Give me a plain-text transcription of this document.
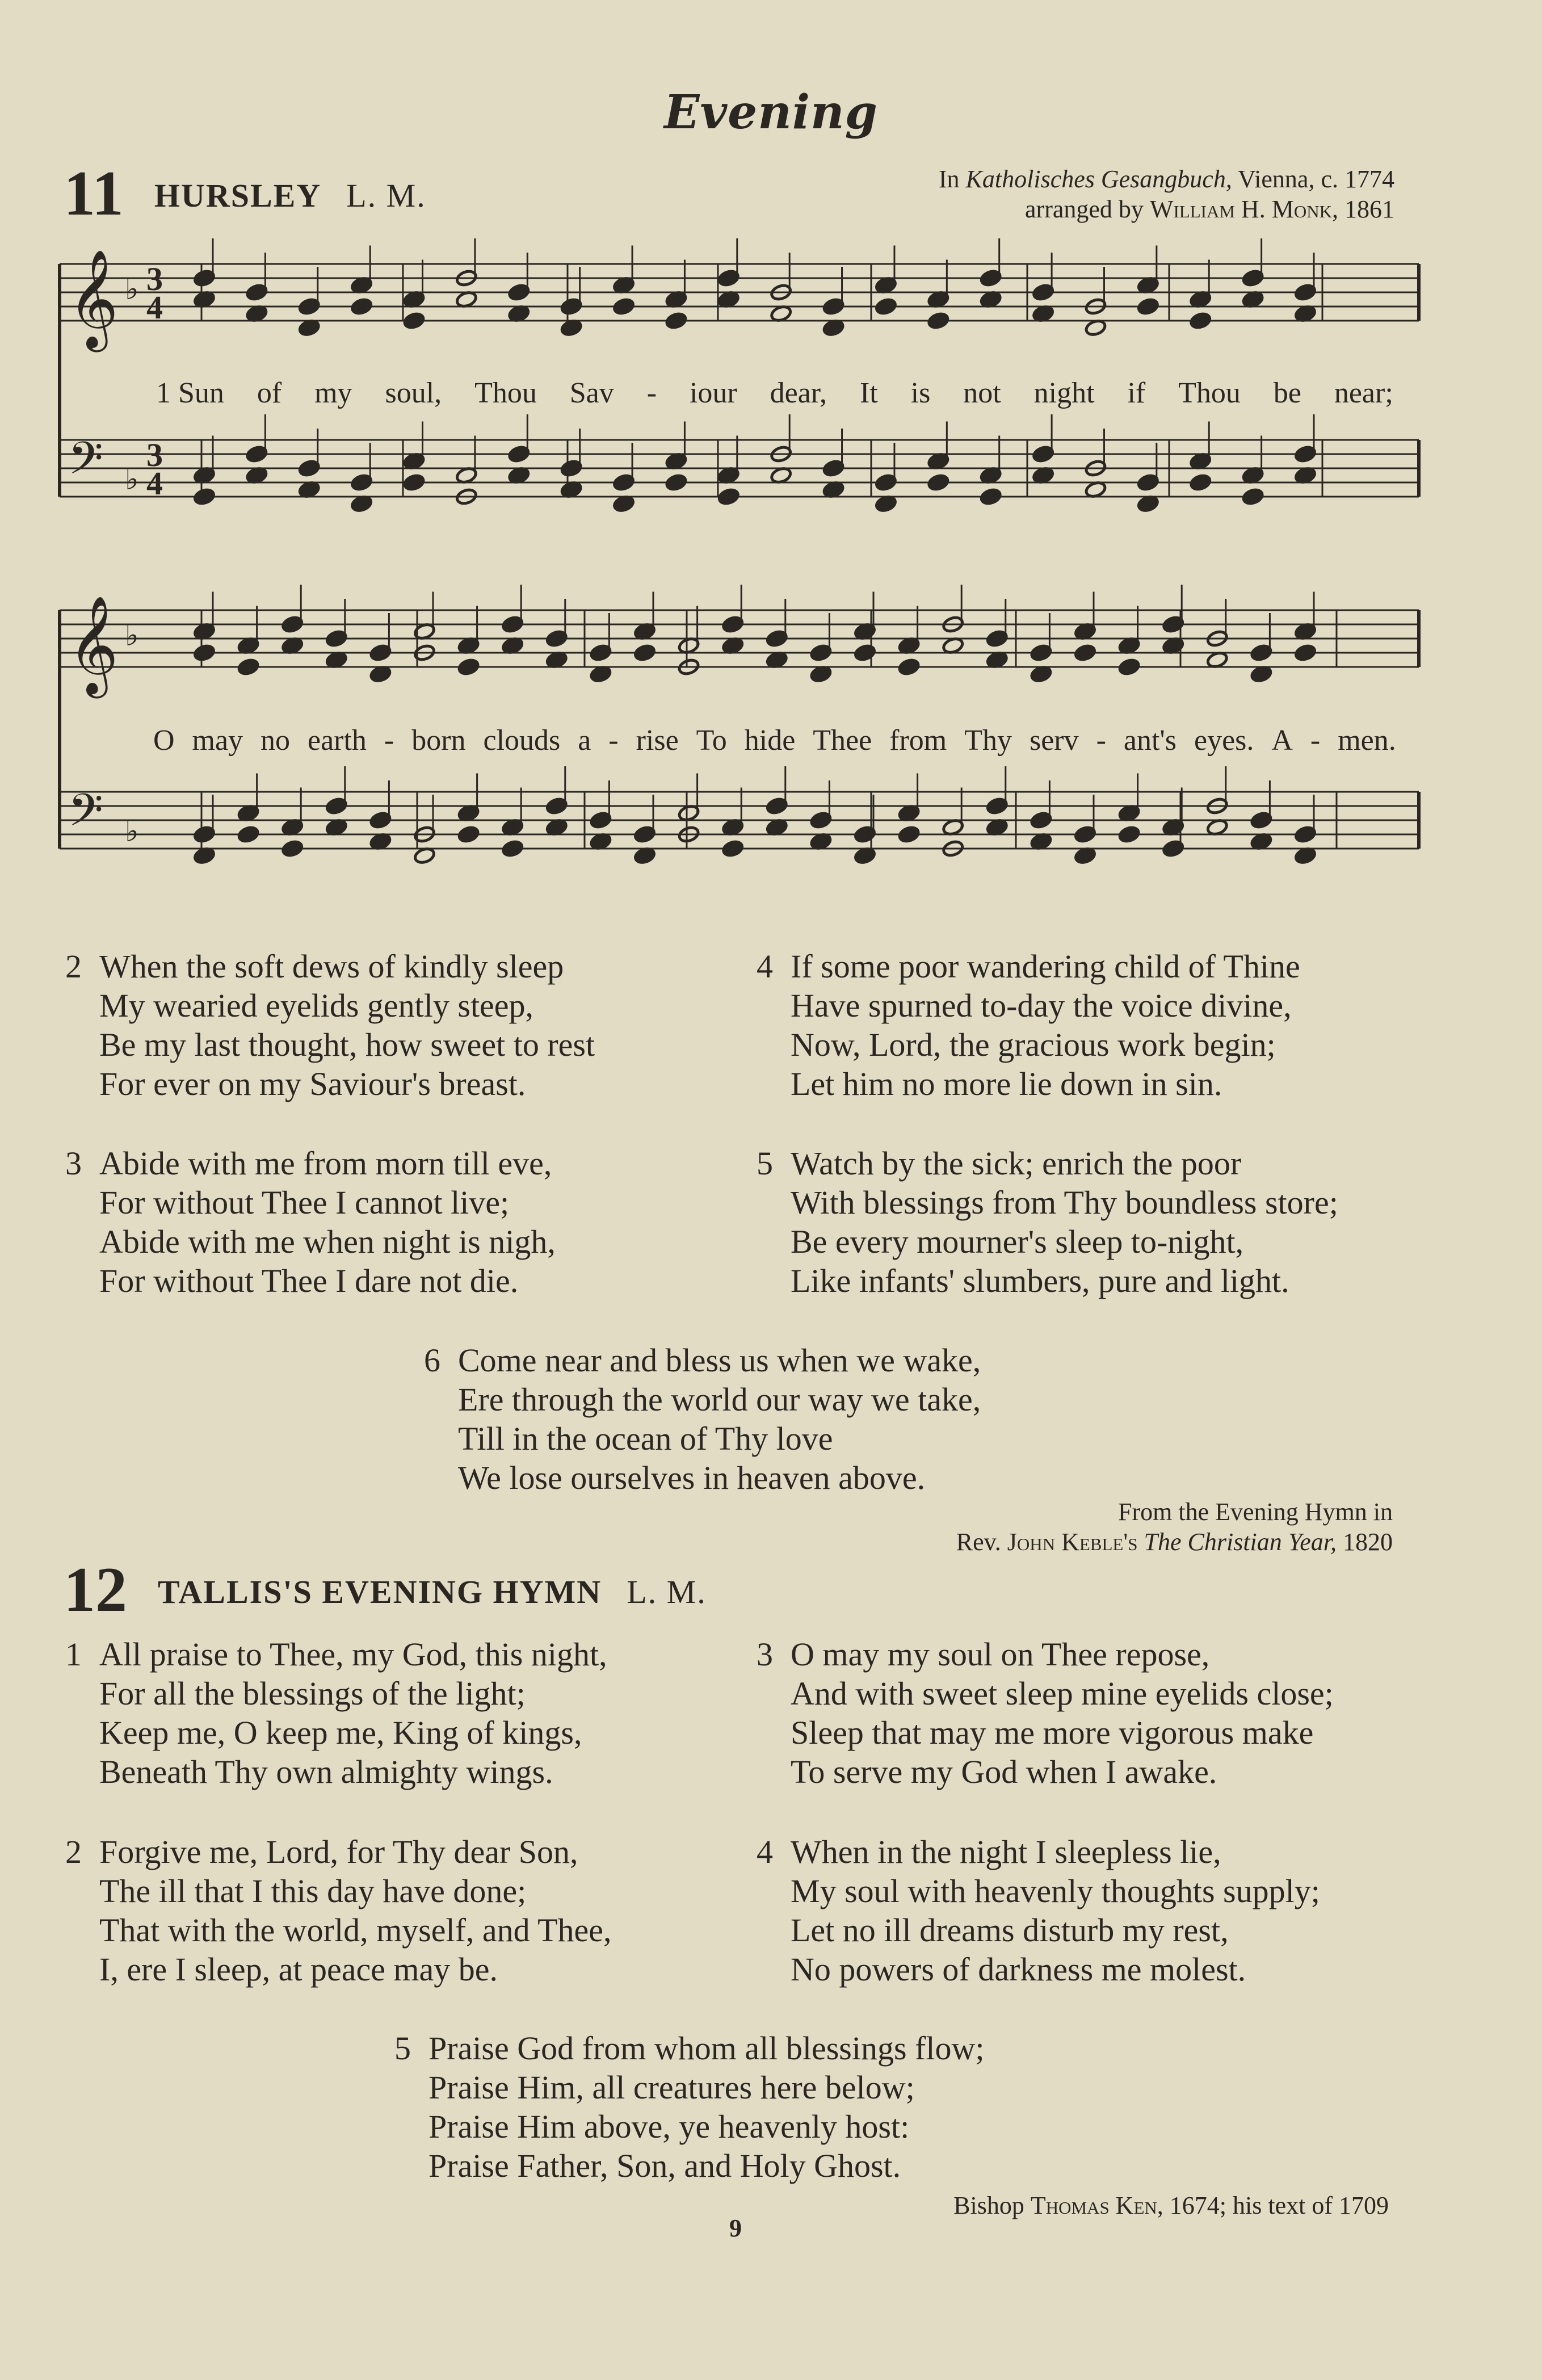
Evening
11 HURSLEY L. M.	In Katholisches Gesangbuch, Vienna, c. 1774
arranged by William H. Monk, 1861
𝄞 ♭ 3
4
𝄢 ♭
3
4
𝄞 ♭
𝄢 ♭
1 Sun of my soul, Thou Sav - iour dear, It is not night if Thou be near;
O may no earth - born clouds a - rise To hide Thee from Thy serv - ant's eyes. A - men.
2 When the soft dews of kindly sleep
My wearied eyelids gently steep,
Be my last thought, how sweet to rest
For ever on my Saviour's breast.
3 Abide with me from morn till eve,
For without Thee I cannot live;
Abide with me when night is nigh,
For without Thee I dare not die.
4 If some poor wandering child of Thine
Have spurned to-day the voice divine,
Now, Lord, the gracious work begin;
Let him no more lie down in sin.
5 Watch by the sick; enrich the poor
With blessings from Thy boundless store;
Be every mourner's sleep to-night,
Like infants' slumbers, pure and light.
6 Come near and bless us when we wake,
Ere through the world our way we take,
Till in the ocean of Thy love
We lose ourselves in heaven above.
From the Evening Hymn in
Rev. John Keble's The Christian Year, 1820
12 TALLIS'S EVENING HYMN L. M.
1 All praise to Thee, my God, this night,
For all the blessings of the light;
Keep me, O keep me, King of kings,
Beneath Thy own almighty wings.
2 Forgive me, Lord, for Thy dear Son,
The ill that I this day have done;
That with the world, myself, and Thee,
I, ere I sleep, at peace may be.
3 O may my soul on Thee repose,
And with sweet sleep mine eyelids close;
Sleep that may me more vigorous make
To serve my God when I awake.
4 When in the night I sleepless lie,
My soul with heavenly thoughts supply;
Let no ill dreams disturb my rest,
No powers of darkness me molest.
5 Praise God from whom all blessings flow;
Praise Him, all creatures here below;
Praise Him above, ye heavenly host:
Praise Father, Son, and Holy Ghost.
Bishop Thomas Ken, 1674; his text of 1709
9
